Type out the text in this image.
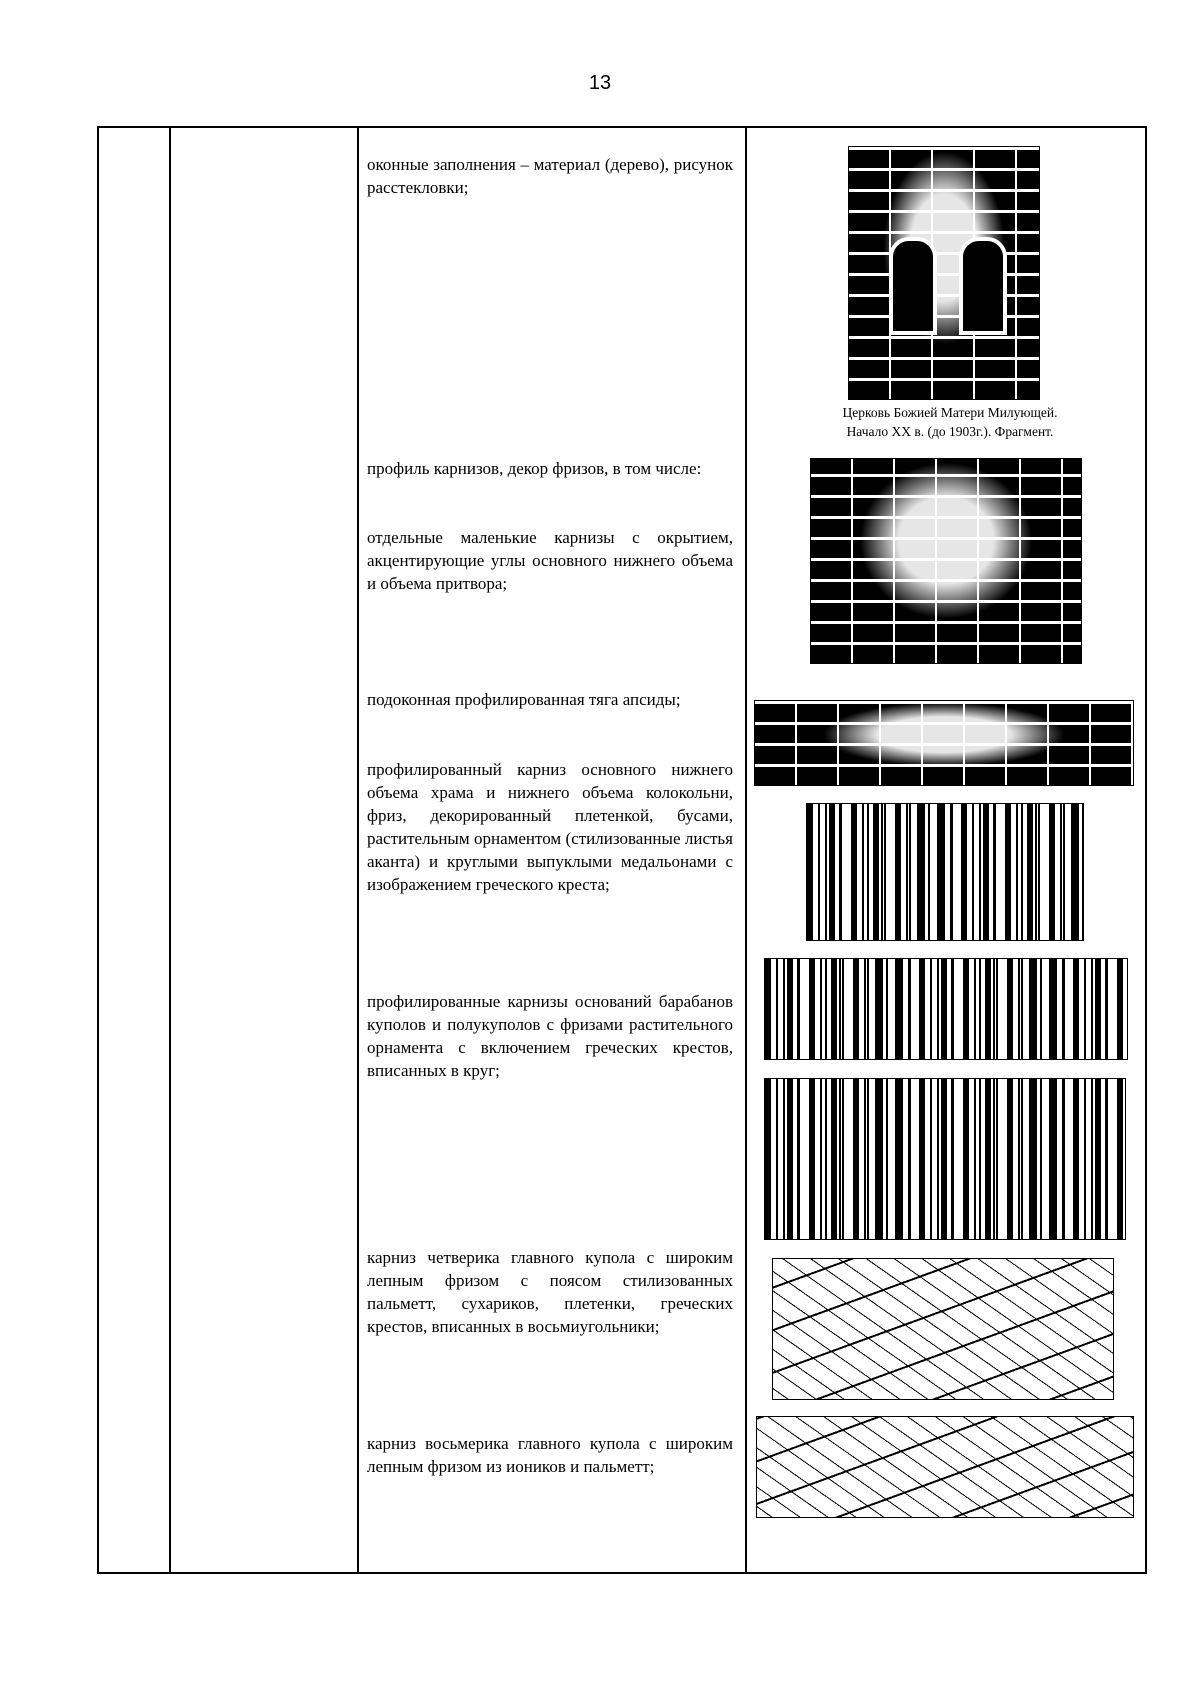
13
оконные заполнения – материал (дерево), рисунок расстекловки;
профиль карнизов, декор фризов, в том числе:
отдельные маленькие карнизы с окрытием, акцентирующие углы основного нижнего объема и объема притвора;
подоконная профилированная тяга апсиды;
профилированный карниз основного нижнего объема храма и нижнего объема колокольни, фриз, декорированный плетенкой, бусами, растительным орнаментом (стилизованные листья аканта) и круглыми выпуклыми медальонами с изображением греческого креста;
профилированные карнизы оснований барабанов куполов и полукуполов с фризами растительного орнамента с включением греческих крестов, вписанных в круг;
карниз четверика главного купола с широким лепным фризом с поясом стилизованных пальметт, сухариков, плетенки, греческих крестов, вписанных в восьмиугольники;
карниз восьмерика главного купола с широким лепным фризом из иоников и пальметт;
Церковь Божией Матери Милующей.
Начало XX в. (до 1903г.). Фрагмент.
